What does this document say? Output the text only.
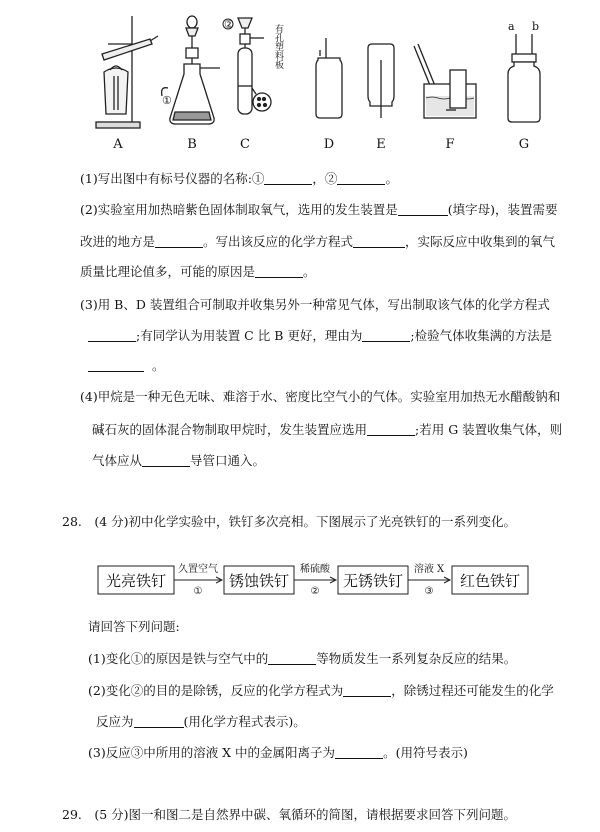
A	B	C	D	E	F	G
①
②	a b
有孔塑料板
(1)写出图中有标号仪器的名称:①	，②	。
(2)实验室用加热暗紫色固体制取氧气，选用的发生装置是	(填字母)，装置需要
改进的地方是	。写出该反应的化学方程式	，实际反应中收集到的氧气
质量比理论值多，可能的原因是	。
(3)用 B、D 装置组合可制取并收集另外一种常见气体，写出制取该气体的化学方程式
;有同学认为用装置 C 比 B 更好，理由为	;检验气体收集满的方法是
。
(4)甲烷是一种无色无味、难溶于水、密度比空气小的气体。实验室用加热无水醋酸钠和
碱石灰的固体混合物制取甲烷时，发生装置应选用	;若用 G 装置收集气体，则
气体应从	导管口通入。
28.　(4 分)初中化学实验中，铁钉多次亮相。下图展示了光亮铁钉的一系列变化。
光亮铁钉	锈蚀铁钉	无锈铁钉	红色铁钉
久置空气	稀硫酸	溶液 X
①	②	③
请回答下列问题:
(1)变化①的原因是铁与空气中的	等物质发生一系列复杂反应的结果。
(2)变化②的目的是除锈，反应的化学方程式为	，除锈过程还可能发生的化学
反应为	(用化学方程式表示)。
(3)反应③中所用的溶液 X 中的金属阳离子为	。(用符号表示)
29.　(5 分)图一和图二是自然界中碳、氧循环的简图，请根据要求回答下列问题。
